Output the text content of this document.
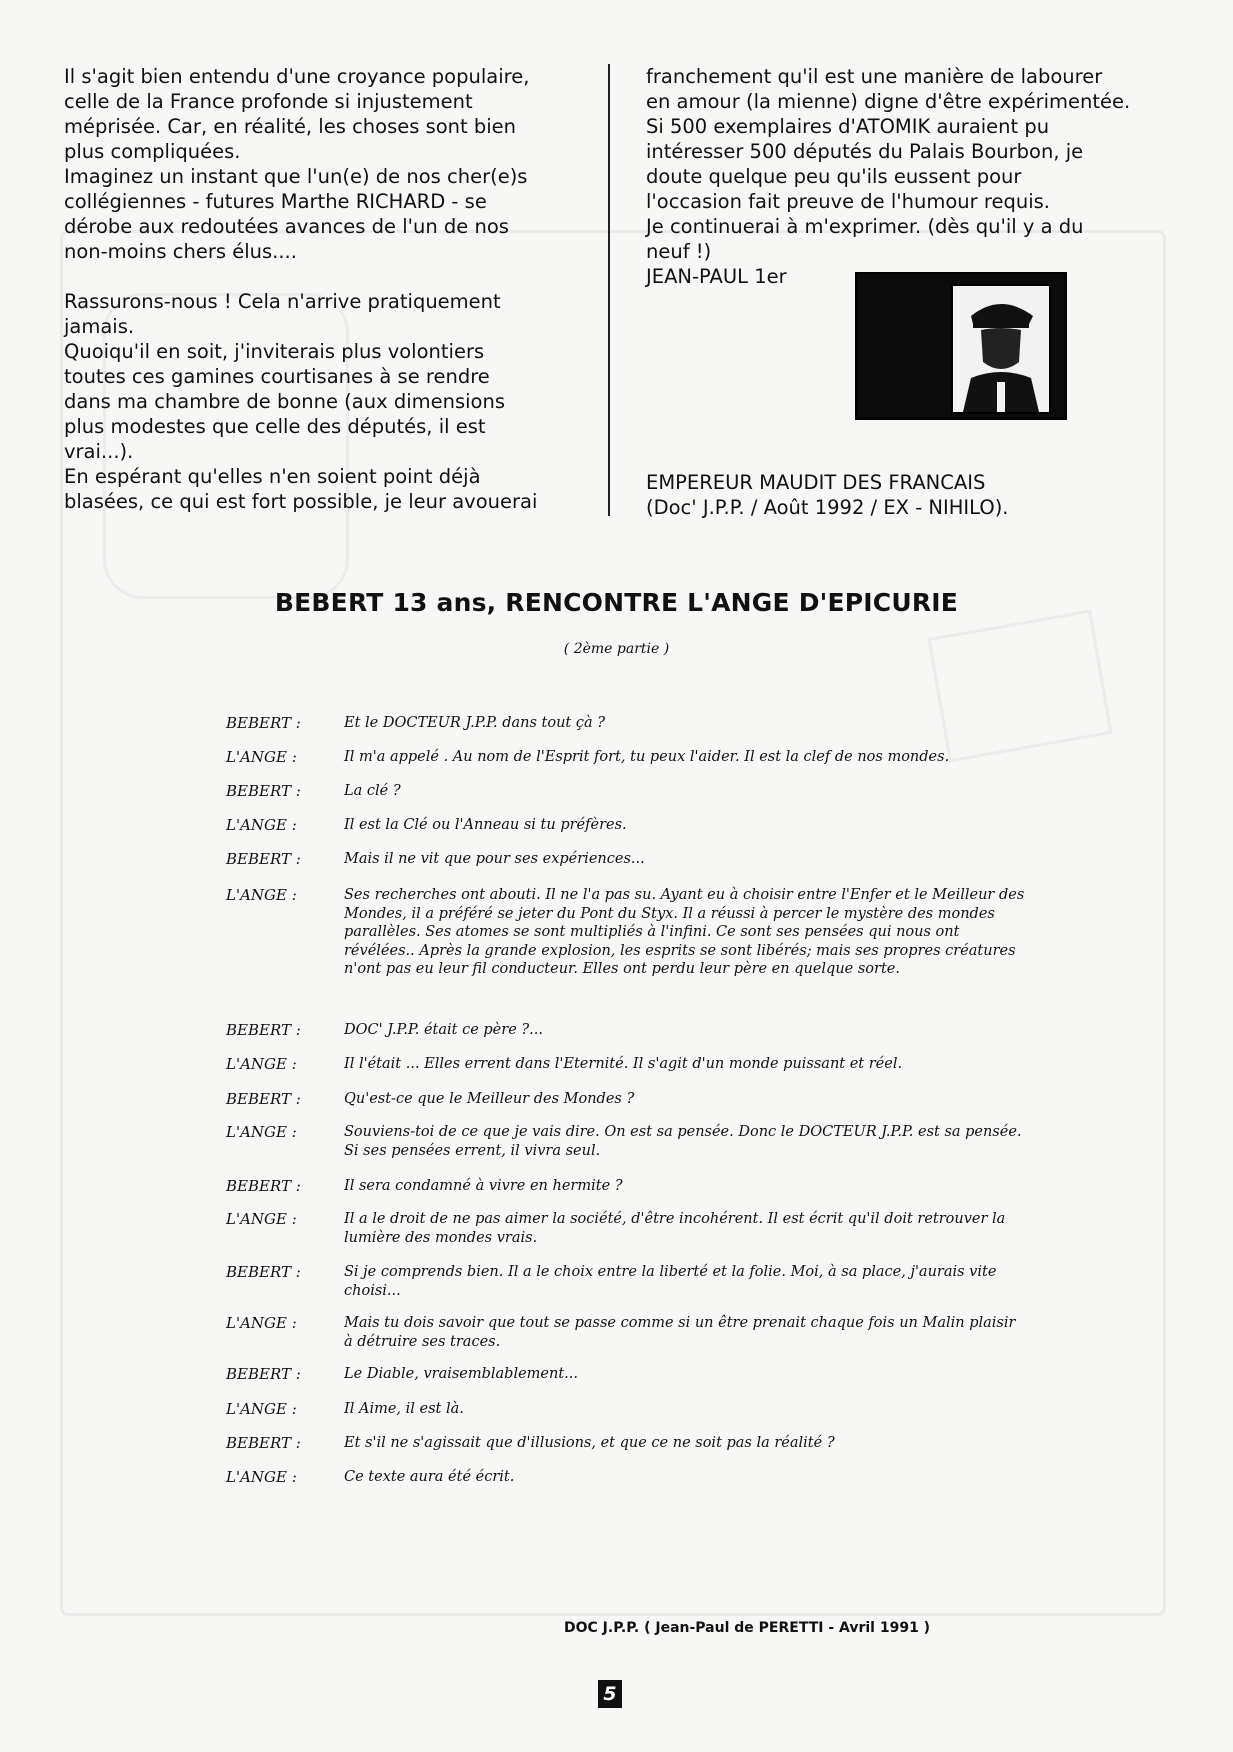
Il s'agit bien entendu d'une croyance populaire,

celle de la France profonde si injustement

méprisée. Car, en réalité, les choses sont bien

plus compliquées.

Imaginez un instant que l'un(e) de nos cher(e)s

collégiennes - futures Marthe RICHARD - se

dérobe aux redoutées avances de l'un de nos

non-moins chers élus....

Rassurons-nous ! Cela n'arrive pratiquement

jamais.

Quoiqu'il en soit, j'inviterais plus volontiers

toutes ces gamines courtisanes à se rendre

dans ma chambre de bonne (aux dimensions

plus modestes que celle des députés, il est

vrai...).

En espérant qu'elles n'en soient point déjà

blasées, ce qui est fort possible, je leur avouerai

franchement qu'il est une manière de labourer

en amour (la mienne) digne d'être expérimentée.

Si 500 exemplaires d'ATOMIK auraient pu

intéresser 500 députés du Palais Bourbon, je

doute quelque peu qu'ils eussent pour

l'occasion fait preuve de l'humour requis.

Je continuerai à m'exprimer. (dès qu'il y a du

neuf !)

JEAN-PAUL 1er

EMPEREUR MAUDIT DES FRANCAIS

(Doc' J.P.P. / Août 1992 / EX - NIHILO).

BEBERT 13 ans, RENCONTRE L'ANGE D'EPICURIE
( 2ème partie )
BEBERT :	Et le DOCTEUR J.P.P. dans tout çà ?
L'ANGE :	Il m'a appelé . Au nom de l'Esprit fort, tu peux l'aider. Il est la clef de nos mondes.
BEBERT :	La clé ?
L'ANGE :	Il est la Clé ou l'Anneau si tu préfères.
BEBERT :	Mais il ne vit que pour ses expériences...
L'ANGE :	Ses recherches ont abouti. Il ne l'a pas su. Ayant eu à choisir entre l'Enfer et le Meilleur des Mondes, il a préféré se jeter du Pont du Styx. Il a réussi à percer le mystère des mondes parallèles. Ses atomes se sont multipliés à l'infini. Ce sont ses pensées qui nous ont révélées.. Après la grande explosion, les esprits se sont libérés; mais ses propres créatures n'ont pas eu leur fil conducteur. Elles ont perdu leur père en quelque sorte.
BEBERT :	DOC' J.P.P. était ce père ?...
L'ANGE :	Il l'était ... Elles errent dans l'Eternité. Il s'agit d'un monde puissant et réel.
BEBERT :	Qu'est-ce que le Meilleur des Mondes ?
L'ANGE :	Souviens-toi de ce que je vais dire. On est sa pensée. Donc le DOCTEUR J.P.P. est sa pensée. Si ses pensées errent, il vivra seul.
BEBERT :	Il sera condamné à vivre en hermite ?
L'ANGE :	Il a le droit de ne pas aimer la société, d'être incohérent. Il est écrit qu'il doit retrouver la lumière des mondes vrais.
BEBERT :	Si je comprends bien. Il a le choix entre la liberté et la folie. Moi, à sa place, j'aurais vite choisi...
L'ANGE :	Mais tu dois savoir que tout se passe comme si un être prenait chaque fois un Malin plaisir à détruire ses traces.
BEBERT :	Le Diable, vraisemblablement...
L'ANGE :	Il Aime, il est là.
BEBERT :	Et s'il ne s'agissait que d'illusions, et que ce ne soit pas la réalité ?
L'ANGE :	Ce texte aura été écrit.
DOC J.P.P. ( Jean-Paul de PERETTI - Avril 1991 )
5
